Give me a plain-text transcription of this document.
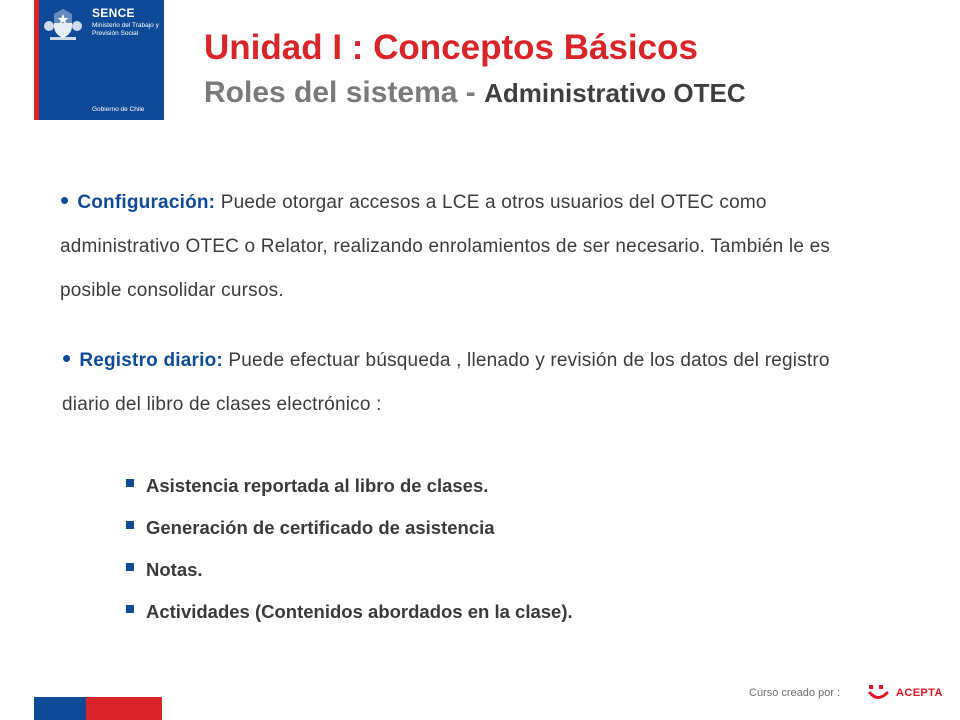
SENCE
Ministerio del Trabajo y Previsión Social
Gobierno de Chile
Unidad I : Conceptos Básicos
Roles del sistema - Administrativo OTEC
• Configuración: Puede otorgar accesos a LCE a otros usuarios del OTEC como administrativo OTEC o Relator, realizando enrolamientos de ser necesario. También le es posible consolidar cursos.
• Registro diario: Puede efectuar búsqueda , llenado y revisión de los datos del registro diario del libro de clases electrónico :
Asistencia reportada al libro de clases.
Generación de certificado de asistencia
Notas.
Actividades (Contenidos abordados en la clase).
Curso creado por :	ACEPTA
